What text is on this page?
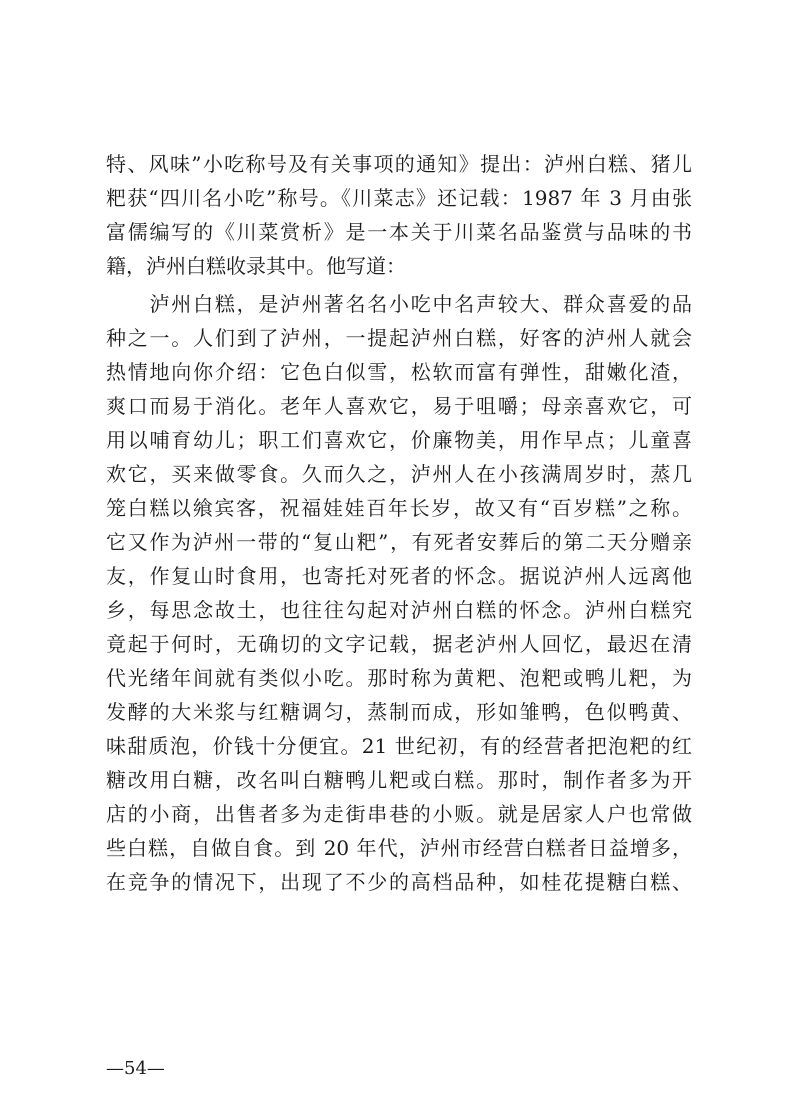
特、风味”小吃称号及有关事项的通知》提出：泸州白糕、猪儿
粑获“四川名小吃”称号。《川菜志》还记载：1987 年 3 月由张
富儒编写的《川菜赏析》是一本关于川菜名品鉴赏与品味的书
籍，泸州白糕收录其中。他写道：
　　泸州白糕，是泸州著名名小吃中名声较大、群众喜爱的品
种之一。人们到了泸州，一提起泸州白糕，好客的泸州人就会
热情地向你介绍：它色白似雪，松软而富有弹性，甜嫩化渣，
爽口而易于消化。老年人喜欢它，易于咀嚼；母亲喜欢它，可
用以哺育幼儿；职工们喜欢它，价廉物美，用作早点；儿童喜
欢它，买来做零食。久而久之，泸州人在小孩满周岁时，蒸几
笼白糕以飨宾客，祝福娃娃百年长岁，故又有“百岁糕”之称。
它又作为泸州一带的“复山粑”，有死者安葬后的第二天分赠亲
友，作复山时食用，也寄托对死者的怀念。据说泸州人远离他
乡，每思念故土，也往往勾起对泸州白糕的怀念。泸州白糕究
竟起于何时，无确切的文字记载，据老泸州人回忆，最迟在清
代光绪年间就有类似小吃。那时称为黄粑、泡粑或鸭儿粑，为
发酵的大米浆与红糖调匀，蒸制而成，形如雏鸭，色似鸭黄、
味甜质泡，价钱十分便宜。21 世纪初，有的经营者把泡粑的红
糖改用白糖，改名叫白糖鸭儿粑或白糕。那时，制作者多为开
店的小商，出售者多为走街串巷的小贩。就是居家人户也常做
些白糕，自做自食。到 20 年代，泸州市经营白糕者日益增多，
在竞争的情况下，出现了不少的高档品种，如桂花提糖白糕、
—54—
